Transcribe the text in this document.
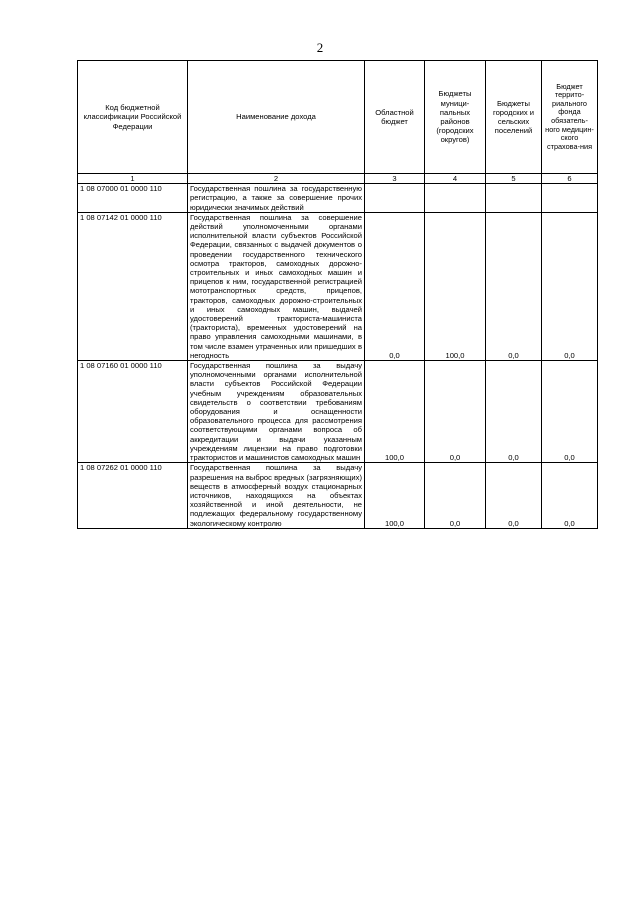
2
Код бюджетной классификации Российской Федерации	Наименование дохода	Областной бюджет	Бюджеты муници-пальных районов (городских округов)	Бюджеты городских и сельских поселений	Бюджет террито-риального фонда обязатель-ного медицин-ского страхова-ния
1	2	3	4	5	6
1 08 07000 01 0000 110	Государственная пошлина за государственную регистрацию, а также за совершение прочих юридически значимых действий				
1 08 07142 01 0000 110	Государственная пошлина за совершение действий уполномоченными органами исполнительной власти субъектов Российской Федерации, связанных с выдачей документов о проведении государственного технического осмотра тракторов, самоходных дорожно-строительных и иных самоходных машин и прицепов к ним, государственной регистрацией мототранспортных средств, прицепов, тракторов, самоходных дорожно-строительных и иных самоходных машин, выдачей удостоверений тракториста-машиниста (тракториста), временных удостоверений на право управления самоходными машинами, в том числе взамен утраченных или пришедших в негодность	0,0	100,0	0,0	0,0
1 08 07160 01 0000 110	Государственная пошлина за выдачу уполномоченными органами исполнительной власти субъектов Российской Федерации учебным учреждениям образовательных свидетельств о соответствии требованиям оборудования и оснащенности образовательного процесса для рассмотрения соответствующими органами вопроса об аккредитации и выдачи указанным учреждениям лицензии на право подготовки трактористов и машинистов самоходных машин	100,0	0,0	0,0	0,0
1 08 07262 01 0000 110	Государственная пошлина за выдачу разрешения на выброс вредных (загрязняющих) веществ в атмосферный воздух стационарных источников, находящихся на объектах хозяйственной и иной деятельности, не подлежащих федеральному государственному экологическому контролю	100,0	0,0	0,0	0,0
